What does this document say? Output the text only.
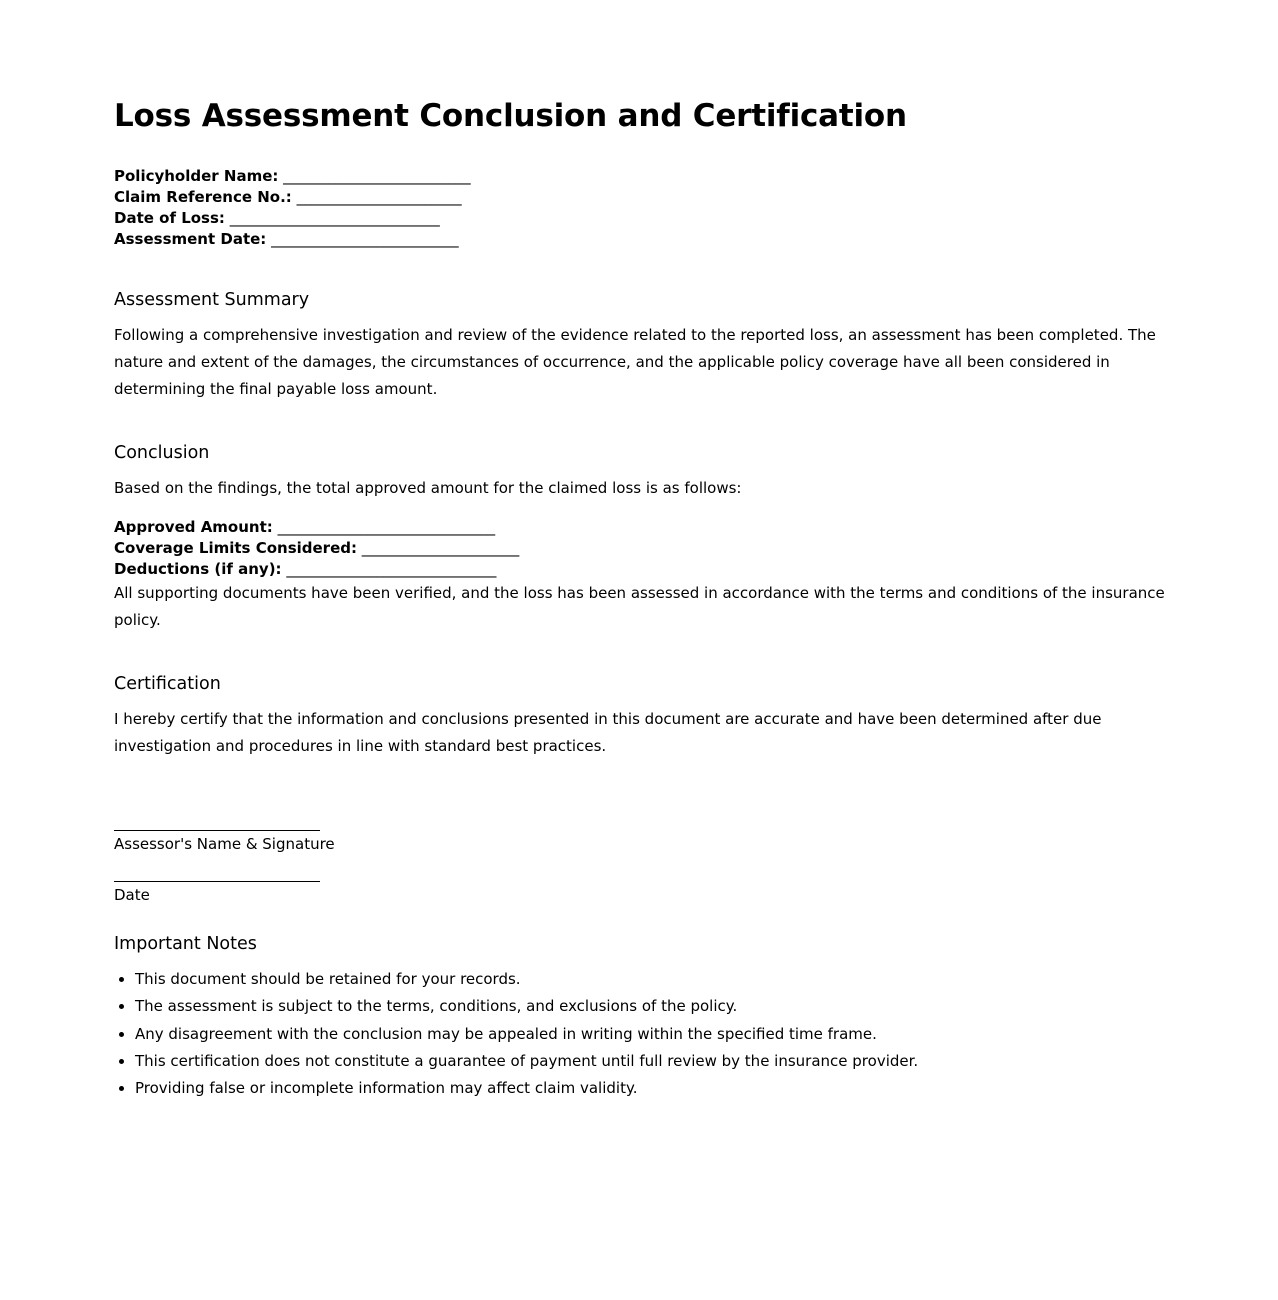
Loss Assessment Conclusion and Certification
Policyholder Name: _________________________
Claim Reference No.: ______________________
Date of Loss: ____________________________
Assessment Date: _________________________
Assessment Summary

Following a comprehensive investigation and review of the evidence related to the reported loss, an assessment has been completed. The nature and extent of the damages, the circumstances of occurrence, and the applicable policy coverage have all been considered in determining the final payable loss amount.

Conclusion

Based on the findings, the total approved amount for the claimed loss is as follows:

Approved Amount: _____________________________
Coverage Limits Considered: _____________________
Deductions (if any): ____________________________

All supporting documents have been verified, and the loss has been assessed in accordance with the terms and conditions of the insurance policy.

Certification

I hereby certify that the information and conclusions presented in this document are accurate and have been determined after due investigation and procedures in line with standard best practices.

Assessor's Name & Signature
Date
Important Notes
• This document should be retained for your records.
• The assessment is subject to the terms, conditions, and exclusions of the policy.
• Any disagreement with the conclusion may be appealed in writing within the specified time frame.
• This certification does not constitute a guarantee of payment until full review by the insurance provider.
• Providing false or incomplete information may affect claim validity.
